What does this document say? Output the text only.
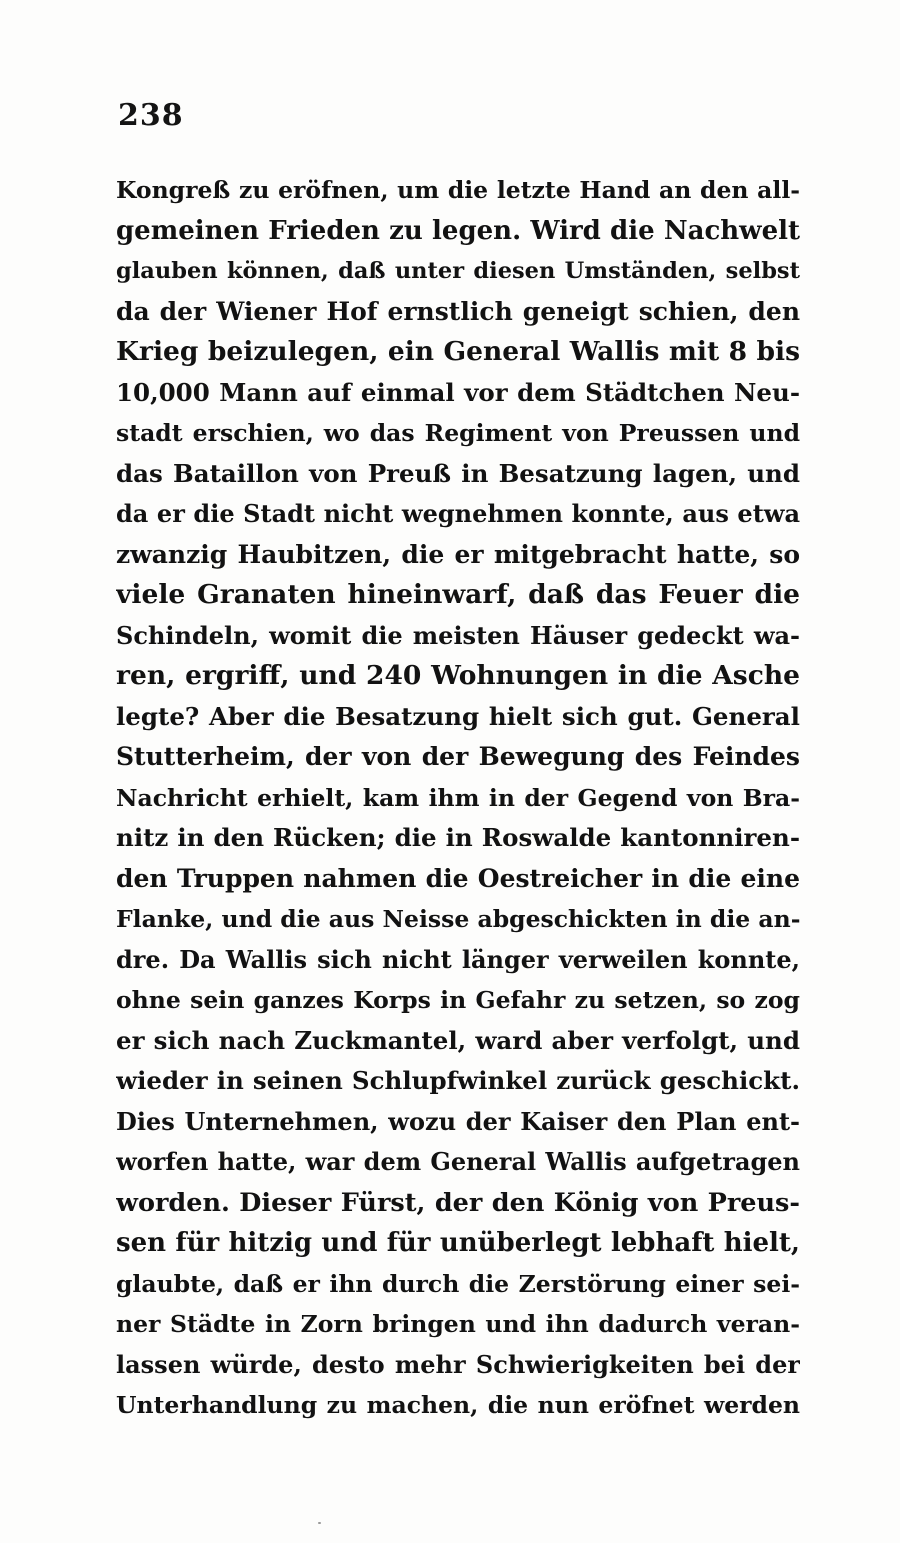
238
Kongreß zu eröfnen, um die letzte Hand an den all-
gemeinen Frieden zu legen. Wird die Nachwelt
glauben können, daß unter diesen Umständen, selbst
da der Wiener Hof ernstlich geneigt schien, den
Krieg beizulegen, ein General Wallis mit 8 bis
10,000 Mann auf einmal vor dem Städtchen Neu-
stadt erschien, wo das Regiment von Preussen und
das Bataillon von Preuß in Besatzung lagen, und
da er die Stadt nicht wegnehmen konnte, aus etwa
zwanzig Haubitzen, die er mitgebracht hatte, so
viele Granaten hineinwarf, daß das Feuer die
Schindeln, womit die meisten Häuser gedeckt wa-
ren, ergriff, und 240 Wohnungen in die Asche
legte? Aber die Besatzung hielt sich gut. General
Stutterheim, der von der Bewegung des Feindes
Nachricht erhielt, kam ihm in der Gegend von Bra-
nitz in den Rücken; die in Roswalde kantonniren-
den Truppen nahmen die Oestreicher in die eine
Flanke, und die aus Neisse abgeschickten in die an-
dre. Da Wallis sich nicht länger verweilen konnte,
ohne sein ganzes Korps in Gefahr zu setzen, so zog
er sich nach Zuckmantel, ward aber verfolgt, und
wieder in seinen Schlupfwinkel zurück geschickt.
Dies Unternehmen, wozu der Kaiser den Plan ent-
worfen hatte, war dem General Wallis aufgetragen
worden. Dieser Fürst, der den König von Preus-
sen für hitzig und für unüberlegt lebhaft hielt,
glaubte, daß er ihn durch die Zerstörung einer sei-
ner Städte in Zorn bringen und ihn dadurch veran-
lassen würde, desto mehr Schwierigkeiten bei der
Unterhandlung zu machen, die nun eröfnet werden
